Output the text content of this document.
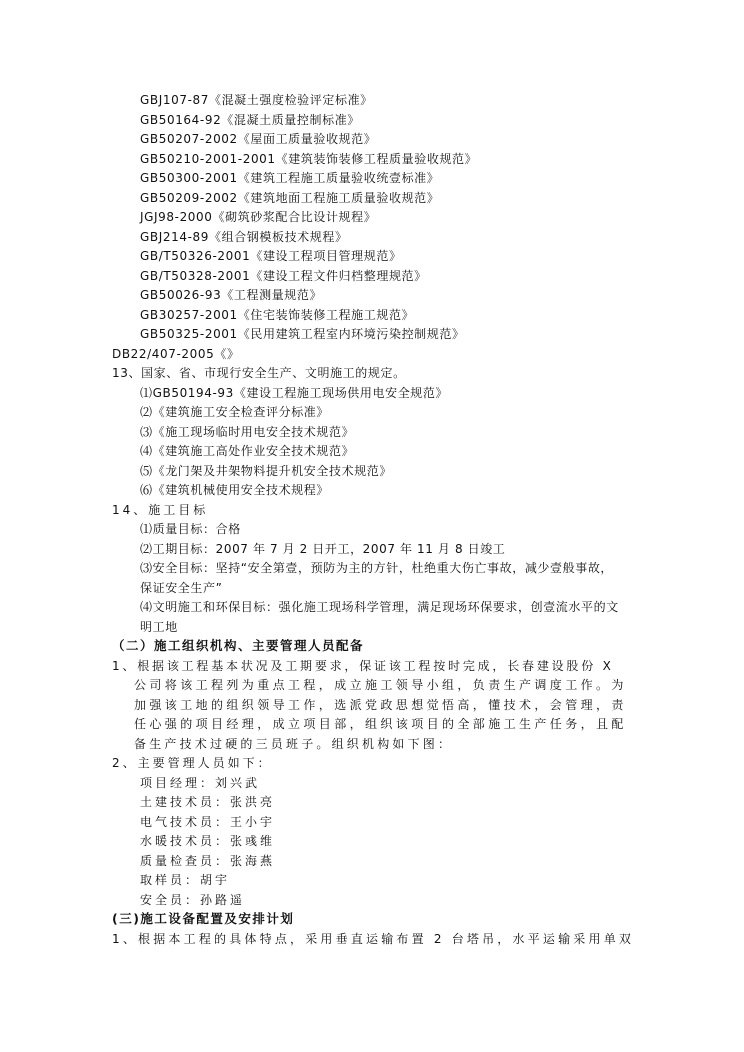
GBJ107-87《混凝土强度检验评定标准》
GB50164-92《混凝土质量控制标准》
GB50207-2002《屋面工质量验收规范》
GB50210-2001-2001《建筑装饰装修工程质量验收规范》
GB50300-2001《建筑工程施工质量验收统壹标准》
GB50209-2002《建筑地面工程施工质量验收规范》
JGJ98-2000《砌筑砂浆配合比设计规程》
GBJ214-89《组合钢模板技术规程》
GB/T50326-2001《建设工程项目管理规范》
GB/T50328-2001《建设工程文件归档整理规范》
GB50026-93《工程测量规范》
GB30257-2001《住宅装饰装修工程施工规范》
GB50325-2001《民用建筑工程室内环境污染控制规范》
DB22/407-2005《》
13、国家、省、市现行安全生产、文明施工的规定。
⑴GB50194-93《建设工程施工现场供用电安全规范》
⑵《建筑施工安全检查评分标准》
⑶《施工现场临时用电安全技术规范》
⑷《建筑施工高处作业安全技术规范》
⑸《龙门架及井架物料提升机安全技术规范》
⑹《建筑机械使用安全技术规程》
14、施工目标
⑴质量目标：合格
⑵工期目标：2007 年 7 月 2 日开工，2007 年 11 月 8 日竣工
⑶安全目标：坚持“安全第壹，预防为主的方针，杜绝重大伤亡事故，减少壹般事故，
保证安全生产”
⑷文明施工和环保目标：强化施工现场科学管理，满足现场环保要求，创壹流水平的文
明工地
（二）施工组织机构、主要管理人员配备
1、根据该工程基本状况及工期要求，保证该工程按时完成，长春建设股份 X
公司将该工程列为重点工程，成立施工领导小组，负责生产调度工作。为
加强该工地的组织领导工作，选派党政思想觉悟高，懂技术，会管理，责
任心强的项目经理，成立项目部，组织该项目的全部施工生产任务，且配
备生产技术过硬的三员班子。组织机构如下图：
2、主要管理人员如下：
项目经理：刘兴武
土建技术员：张洪亮
电气技术员：王小宇
水暖技术员：张彧维
质量检查员：张海燕
取样员：胡宇
安全员：孙路遥
(三)施工设备配置及安排计划
1、根据本工程的具体特点，采用垂直运输布置 2 台塔吊，水平运输采用单双
